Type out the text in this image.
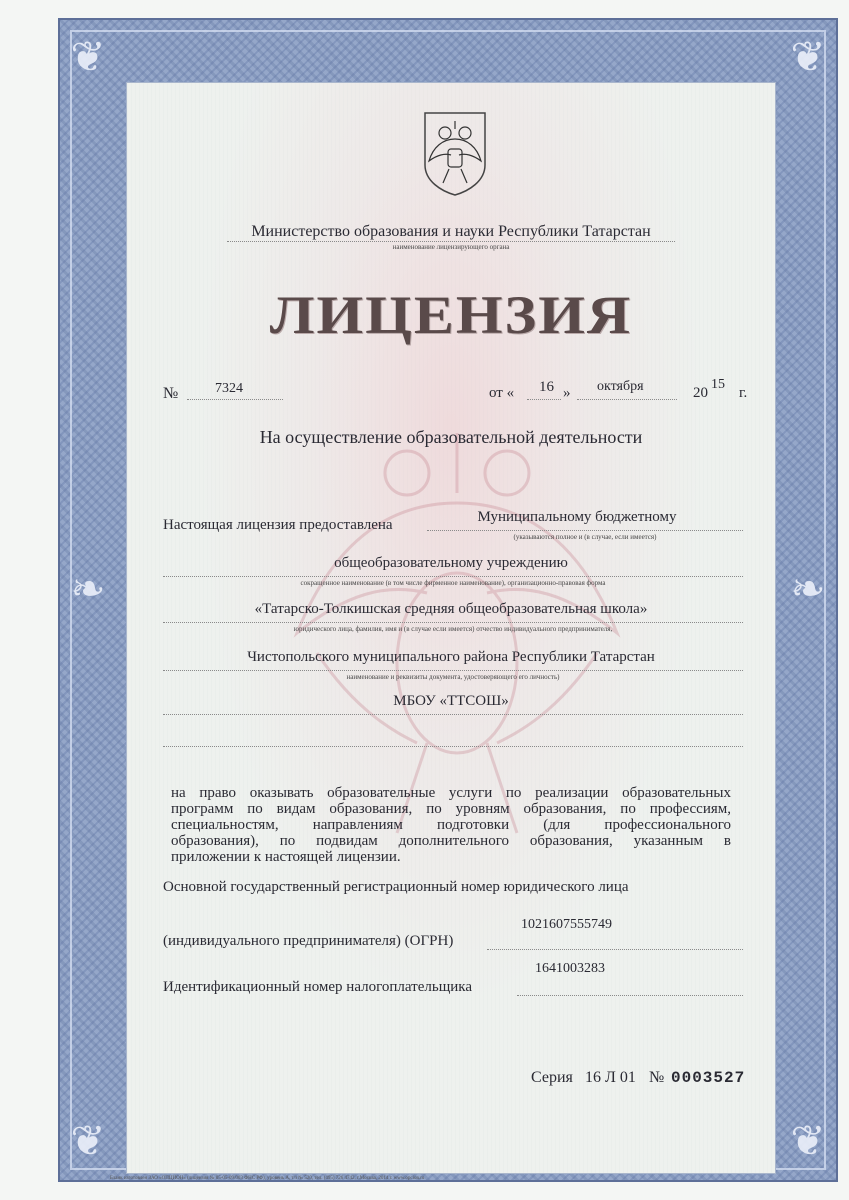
❦	❦
❦	❦
❧	❧
Министерство образования и науки Республики Татарстан
наименование лицензирующего органа
ЛИЦЕНЗИЯ
№	7324	от « 16 » октября	20
15
г.
На осуществление образовательной деятельности
Настоящая лицензия предоставлена	Муниципальному бюджетному
(указываются полное и (в случае, если имеется)
общеобразовательному учреждению
сокращенное наименование (в том числе фирменное наименование), организационно-правовая форма
«Татарско-Толкишская средняя общеобразовательная школа»
юридического лица, фамилия, имя и (в случае если имеется) отчество индивидуального предпринимателя,
Чистопольского муниципального района Республики Татарстан
наименование и реквизиты документа, удостоверяющего его личность)
МБОУ «ТТСОШ»
на право оказывать образовательные услуги по реализации образовательных
программ по видам образования, по уровням образования, по профессиям,
специальностям, направлениям подготовки (для профессионального
образования), по подвидам дополнительного образования, указанным в
приложении к настоящей лицензии.
Основной государственный регистрационный номер юридического лица
1021607555749
(индивидуального предпринимателя) (ОГРН)
1641003283
Идентификационный номер налогоплательщика
Серия 16 Л 01 № 0003527
Бланк изготовлен ЗАО «ОПЦИОН» (лицензия № 05-05-09/003 ФНС РФ), уровень А, т/з № 520, тел. (495) 726 4742, г.Москва, 2014 г. www.opcion.ru
